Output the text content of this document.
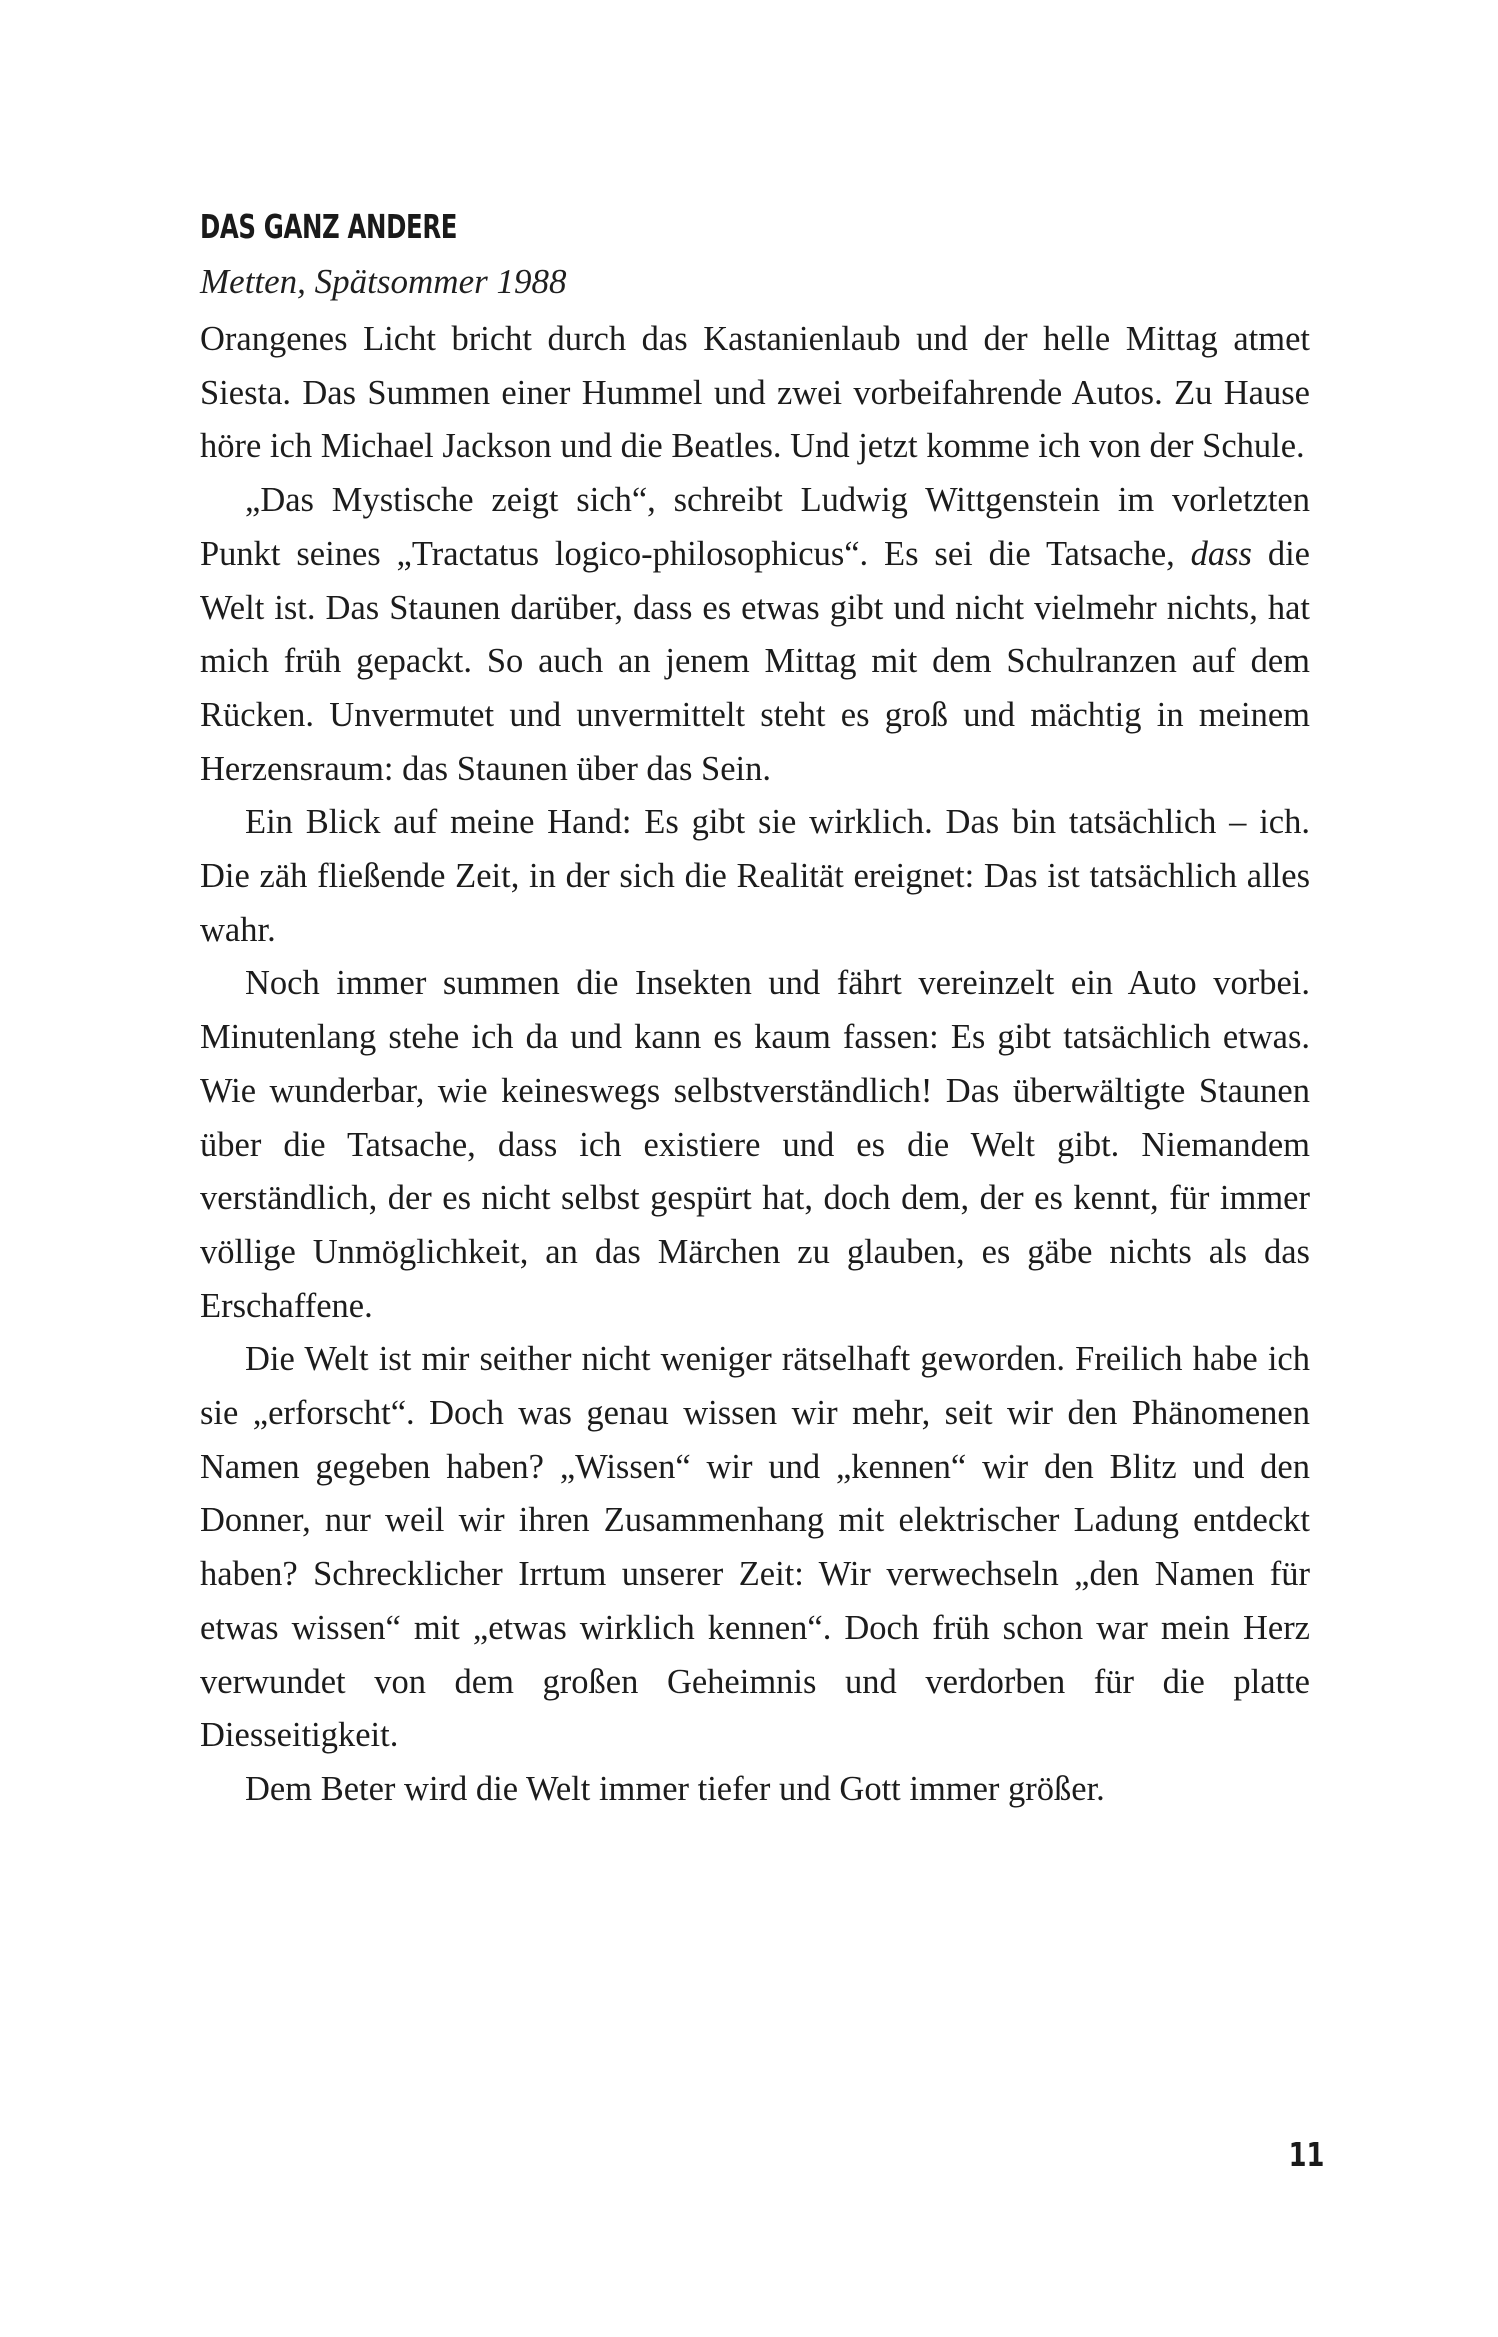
DAS GANZ ANDERE
Metten, Spätsommer 1988

Orangenes Licht bricht durch das Kastanienlaub und der helle Mittag atmet Siesta. Das Summen einer Hummel und zwei vorbeifahrende Autos. Zu Hause höre ich Michael Jackson und die Beatles. Und jetzt komme ich von der Schule.

„Das Mystische zeigt sich“, schreibt Ludwig Wittgenstein im vorletzten Punkt seines „Tractatus logico-philosophicus“. Es sei die Tatsache, dass die Welt ist. Das Staunen darüber, dass es etwas gibt und nicht vielmehr nichts, hat mich früh gepackt. So auch an jenem Mittag mit dem Schulranzen auf dem Rücken. Unvermutet und unvermittelt steht es groß und mächtig in meinem Herzensraum: das Staunen über das Sein.

Ein Blick auf meine Hand: Es gibt sie wirklich. Das bin tatsächlich – ich. Die zäh fließende Zeit, in der sich die Realität ereignet: Das ist tatsächlich alles wahr.

Noch immer summen die Insekten und fährt vereinzelt ein Auto vorbei. Minutenlang stehe ich da und kann es kaum fassen: Es gibt tatsächlich etwas. Wie wunderbar, wie keineswegs selbstverständlich! Das überwältigte Staunen über die Tatsache, dass ich existiere und es die Welt gibt. Niemandem verständlich, der es nicht selbst gespürt hat, doch dem, der es kennt, für immer völlige Unmöglichkeit, an das Märchen zu glauben, es gäbe nichts als das Erschaffene.

Die Welt ist mir seither nicht weniger rätselhaft geworden. Freilich habe ich sie „erforscht“. Doch was genau wissen wir mehr, seit wir den Phänomenen Namen gegeben haben? „Wissen“ wir und „kennen“ wir den Blitz und den Donner, nur weil wir ihren Zusammenhang mit elektrischer Ladung entdeckt haben? Schrecklicher Irrtum unserer Zeit: Wir verwechseln „den Namen für etwas wissen“ mit „etwas wirklich kennen“. Doch früh schon war mein Herz verwundet von dem großen Geheimnis und verdorben für die platte Diesseitigkeit.

Dem Beter wird die Welt immer tiefer und Gott immer größer.

11
